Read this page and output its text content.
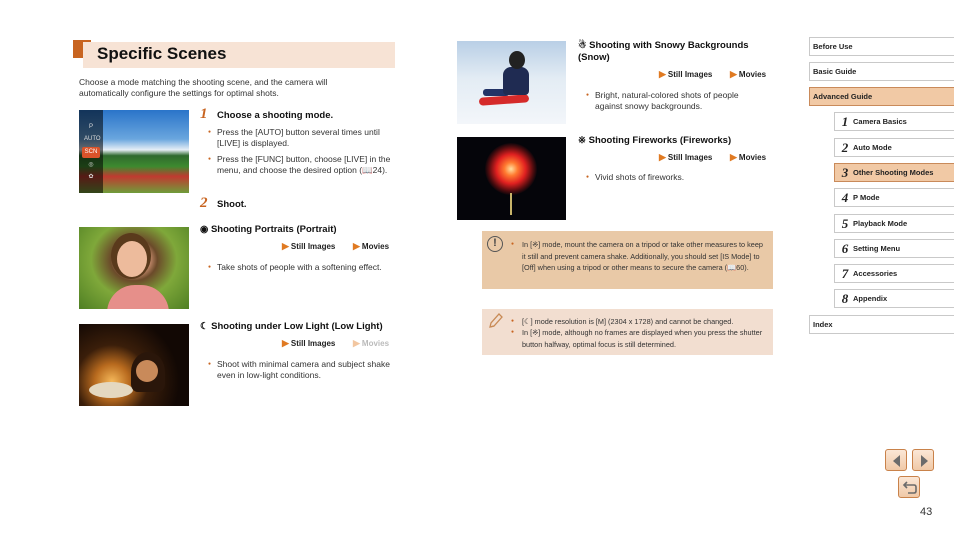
Specific Scenes
Choose a mode matching the shooting scene, and the camera will automatically configure the settings for optimal shots.
P
AUTO
SCN
◎
✿
1 Choose a shooting mode.
● Press the [AUTO] button several times until [LIVE] is displayed.
● Press the [FUNC] button, choose [LIVE] in the menu, and choose the desired option (📖24).
2 Shoot.
◉ Shooting Portraits (Portrait)
▶ Still Images ▶ Movies
● Take shots of people with a softening effect.
☾ Shooting under Low Light (Low Light)
▶ Still Images ▶ Movies
● Shoot with minimal camera and subject shake even in low-light conditions.
☃ Shooting with Snowy Backgrounds (Snow)
▶ Still Images ▶ Movies
● Bright, natural-colored shots of people against snowy backgrounds.
※ Shooting Fireworks (Fireworks)
▶ Still Images ▶ Movies
● Vivid shots of fireworks.
!
●	In [※] mode, mount the camera on a tripod or take other measures to keep it still and prevent camera shake. Additionally, you should set [IS Mode] to [Off] when using a tripod or other means to secure the camera (📖60).
● [☾] mode resolution is [M] (2304 x 1728) and cannot be changed.
● In [※] mode, although no frames are displayed when you press the shutter button halfway, optimal focus is still determined.
Before Use
Basic Guide
Advanced Guide
1 Camera Basics
2 Auto Mode
3 Other Shooting Modes
4 P Mode
5 Playback Mode
6 Setting Menu
7 Accessories
8 Appendix
Index
43
